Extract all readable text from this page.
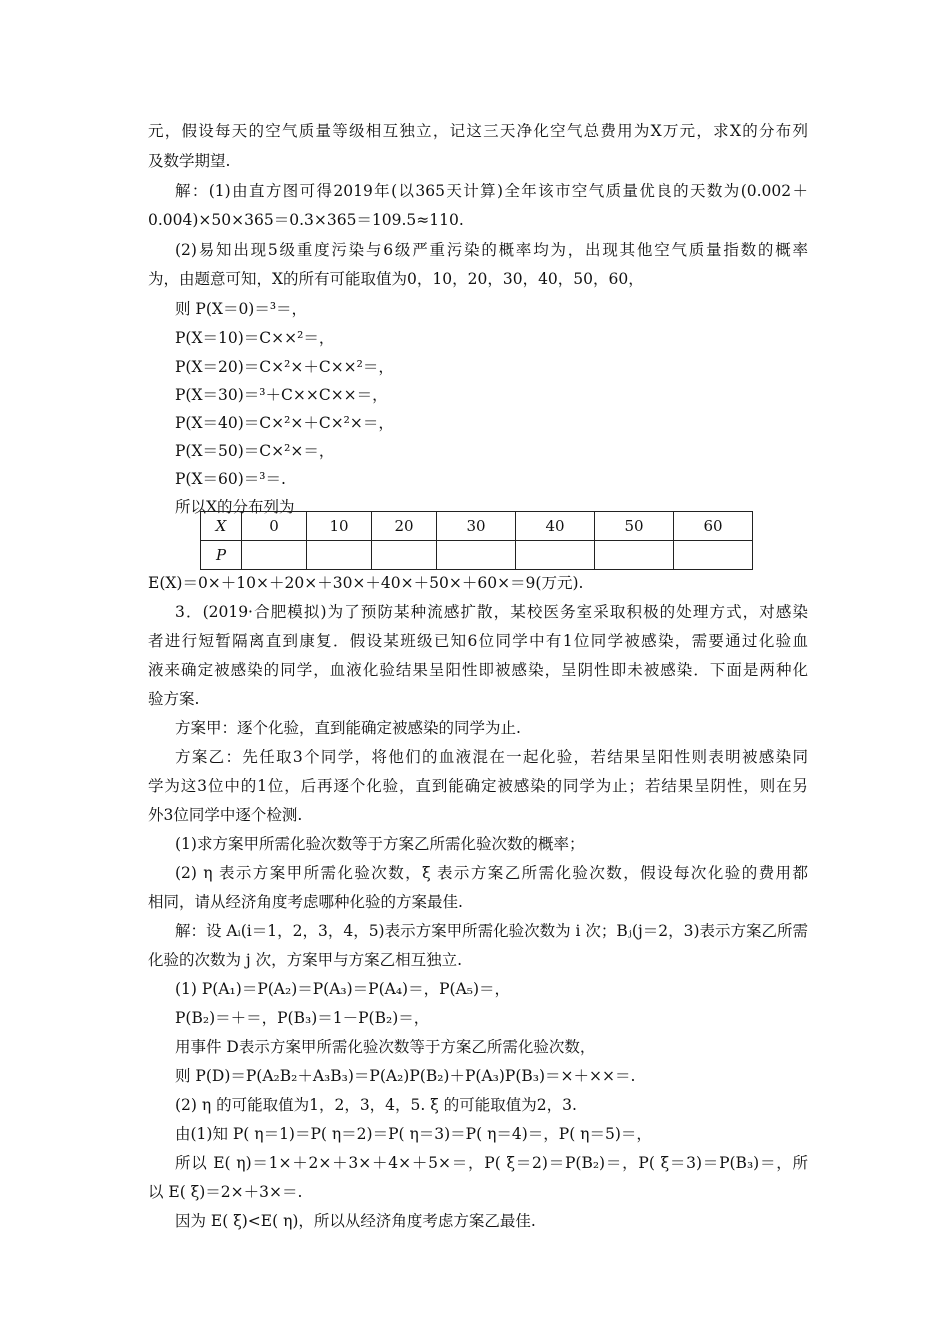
元，假设每天的空气质量等级相互独立，记这三天净化空气总费用为X万元，求X的分布列
及数学期望.
解：(1)由直方图可得2019年(以365天计算)全年该市空气质量优良的天数为(0.002＋
0.004)×50×365＝0.3×365＝109.5≈110.
(2)易知出现5级重度污染与6级严重污染的概率均为，出现其他空气质量指数的概率
为，由题意可知，X的所有可能取值为0，10，20，30，40，50，60，
则 P(X＝0)＝³＝，
P(X＝10)＝C××²＝，
P(X＝20)＝C×²×＋C××²＝，
P(X＝30)＝³＋C××C××＝，
P(X＝40)＝C×²×＋C×²×＝，
P(X＝50)＝C×²×＝，
P(X＝60)＝³＝.
所以X的分布列为
X	0	10	20	30	40	50	60
P							
E(X)＝0×＋10×＋20×＋30×＋40×＋50×＋60×＝9(万元).
3．(2019·合肥模拟)为了预防某种流感扩散，某校医务室采取积极的处理方式，对感染
者进行短暂隔离直到康复．假设某班级已知6位同学中有1位同学被感染，需要通过化验血
液来确定被感染的同学，血液化验结果呈阳性即被感染，呈阴性即未被感染．下面是两种化
验方案.
方案甲：逐个化验，直到能确定被感染的同学为止.
方案乙：先任取3个同学，将他们的血液混在一起化验，若结果呈阳性则表明被感染同
学为这3位中的1位，后再逐个化验，直到能确定被感染的同学为止；若结果呈阴性，则在另
外3位同学中逐个检测.
(1)求方案甲所需化验次数等于方案乙所需化验次数的概率；
(2) η 表示方案甲所需化验次数，ξ 表示方案乙所需化验次数，假设每次化验的费用都
相同，请从经济角度考虑哪种化验的方案最佳.
解：设 Aᵢ(i＝1，2，3，4，5)表示方案甲所需化验次数为 i 次；Bⱼ(j＝2，3)表示方案乙所需
化验的次数为 j 次，方案甲与方案乙相互独立.
(1) P(A₁)＝P(A₂)＝P(A₃)＝P(A₄)＝，P(A₅)＝，
P(B₂)＝＋＝，P(B₃)＝1－P(B₂)＝，
用事件 D表示方案甲所需化验次数等于方案乙所需化验次数，
则 P(D)＝P(A₂B₂＋A₃B₃)＝P(A₂)P(B₂)＋P(A₃)P(B₃)＝×＋××＝.
(2) η 的可能取值为1，2，3，4，5. ξ 的可能取值为2，3.
由(1)知 P( η＝1)＝P( η＝2)＝P( η＝3)＝P( η＝4)＝，P( η＝5)＝，
所以 E( η)＝1×＋2×＋3×＋4×＋5×＝，P( ξ＝2)＝P(B₂)＝，P( ξ＝3)＝P(B₃)＝，所
以 E( ξ)＝2×＋3×＝.
因为 E( ξ)<E( η)，所以从经济角度考虑方案乙最佳.
